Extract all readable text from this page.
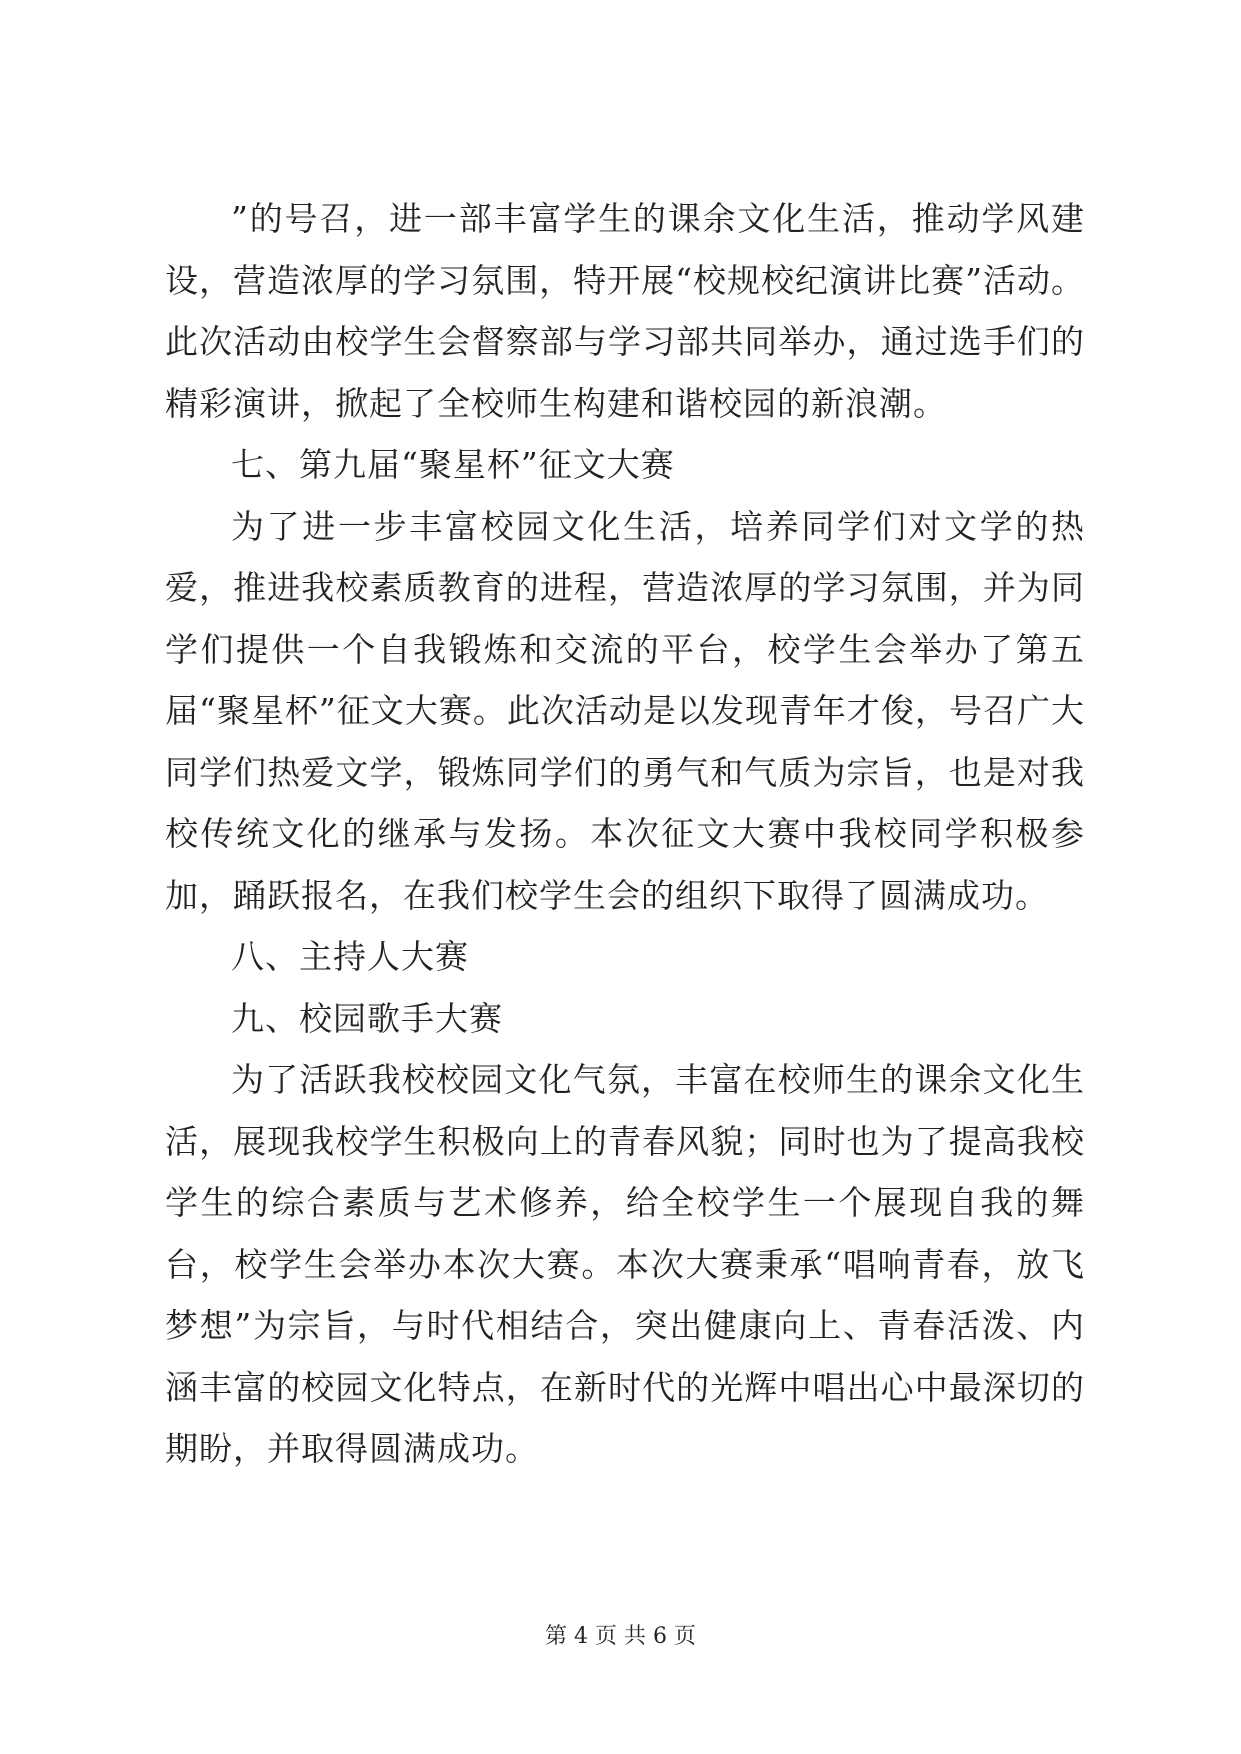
”的号召，进一部丰富学生的课余文化生活，推动学风建设，营造浓厚的学习氛围，特开展“校规校纪演讲比赛”活动。此次活动由校学生会督察部与学习部共同举办，通过选手们的精彩演讲，掀起了全校师生构建和谐校园的新浪潮。

七、第九届“聚星杯”征文大赛

为了进一步丰富校园文化生活，培养同学们对文学的热爱，推进我校素质教育的进程，营造浓厚的学习氛围，并为同学们提供一个自我锻炼和交流的平台，校学生会举办了第五届“聚星杯”征文大赛。此次活动是以发现青年才俊，号召广大同学们热爱文学，锻炼同学们的勇气和气质为宗旨，也是对我校传统文化的继承与发扬。本次征文大赛中我校同学积极参加，踊跃报名，在我们校学生会的组织下取得了圆满成功。

八、主持人大赛

九、校园歌手大赛

为了活跃我校校园文化气氛，丰富在校师生的课余文化生活，展现我校学生积极向上的青春风貌；同时也为了提高我校学生的综合素质与艺术修养，给全校学生一个展现自我的舞台，校学生会举办本次大赛。本次大赛秉承“唱响青春，放飞梦想”为宗旨，与时代相结合，突出健康向上、青春活泼、内涵丰富的校园文化特点，在新时代的光辉中唱出心中最深切的期盼，并取得圆满成功。

第 4 页 共 6 页
